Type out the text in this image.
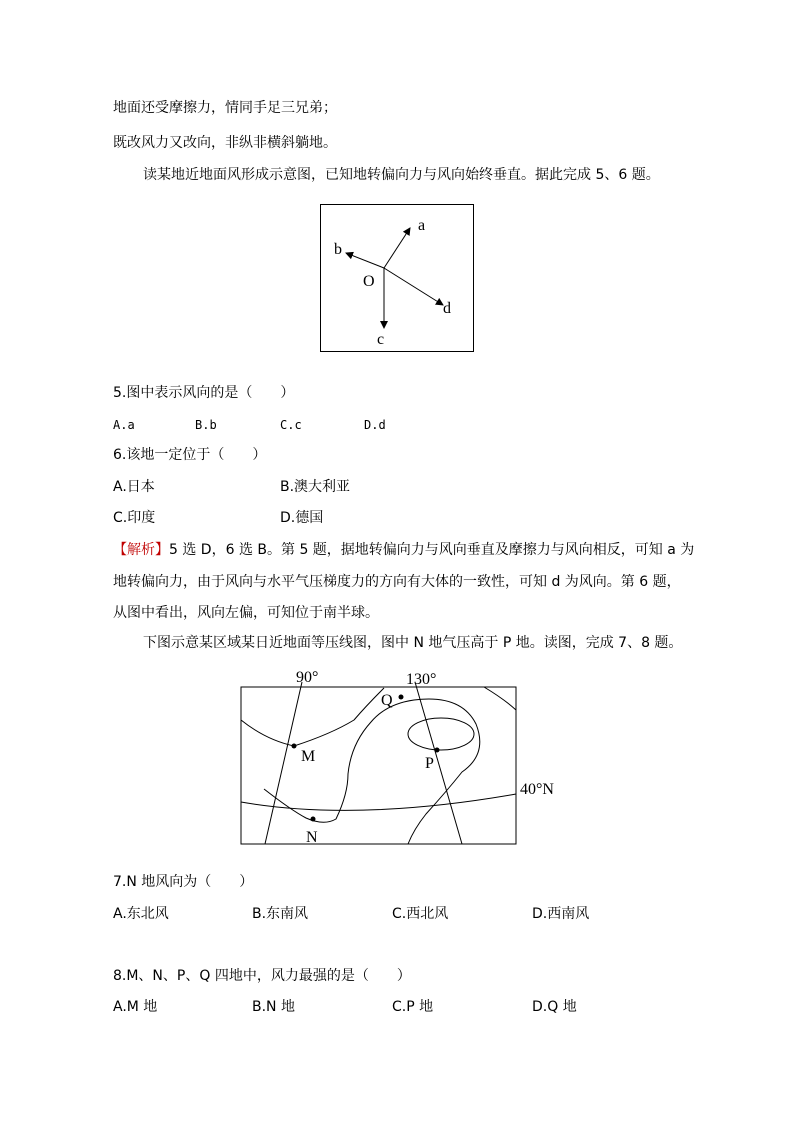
地面还受摩擦力，情同手足三兄弟；
既改风力又改向，非纵非横斜躺地。
读某地近地面风形成示意图，已知地转偏向力与风向始终垂直。据此完成 5、6 题。
a
b
O
d
c
5.图中表示风向的是（　　）
A.a	B.b	C.c	D.d
6.该地一定位于（　　）
A.日本	B.澳大利亚
C.印度	D.德国
【解析】5 选 D，6 选 B。第 5 题，据地转偏向力与风向垂直及摩擦力与风向相反，可知 a 为
地转偏向力，由于风向与水平气压梯度力的方向有大体的一致性，可知 d 为风向。第 6 题，
从图中看出，风向左偏，可知位于南半球。
下图示意某区域某日近地面等压线图，图中 N 地气压高于 P 地。读图，完成 7、8 题。
90°	130°
40°N
M
N
P
Q
7.N 地风向为（　　）
A.东北风	B.东南风	C.西北风	D.西南风
8.M、N、P、Q 四地中，风力最强的是（　　）
A.M 地	B.N 地	C.P 地	D.Q 地
